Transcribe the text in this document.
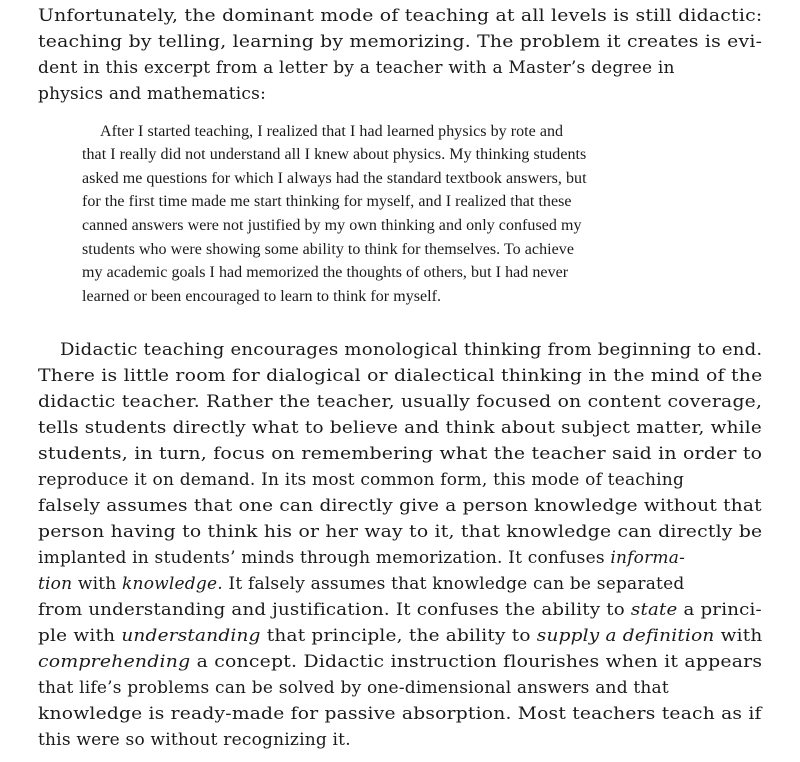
Unfortunately, the dominant mode of teaching at all levels is still didactic:

teaching by telling, learning by memorizing. The problem it creates is evi-

dent in this excerpt from a letter by a teacher with a Master’s degree in

physics and mathematics:

After I started teaching, I realized that I had learned physics by rote and

that I really did not understand all I knew about physics. My thinking students

asked me questions for which I always had the standard textbook answers, but

for the first time made me start thinking for myself, and I realized that these

canned answers were not justified by my own thinking and only confused my

students who were showing some ability to think for themselves. To achieve

my academic goals I had memorized the thoughts of others, but I had never

learned or been encouraged to learn to think for myself.

Didactic teaching encourages monological thinking from beginning to end.

There is little room for dialogical or dialectical thinking in the mind of the

didactic teacher. Rather the teacher, usually focused on content coverage,

tells students directly what to believe and think about subject matter, while

students, in turn, focus on remembering what the teacher said in order to

reproduce it on demand. In its most common form, this mode of teaching

falsely assumes that one can directly give a person knowledge without that

person having to think his or her way to it, that knowledge can directly be

implanted in students’ minds through memorization. It confuses informa-

tion with knowledge. It falsely assumes that knowledge can be separated

from understanding and justification. It confuses the ability to state a princi-

ple with understanding that principle, the ability to supply a definition with

comprehending a concept. Didactic instruction flourishes when it appears

that life’s problems can be solved by one-dimensional answers and that

knowledge is ready-made for passive absorption. Most teachers teach as if

this were so without recognizing it.
